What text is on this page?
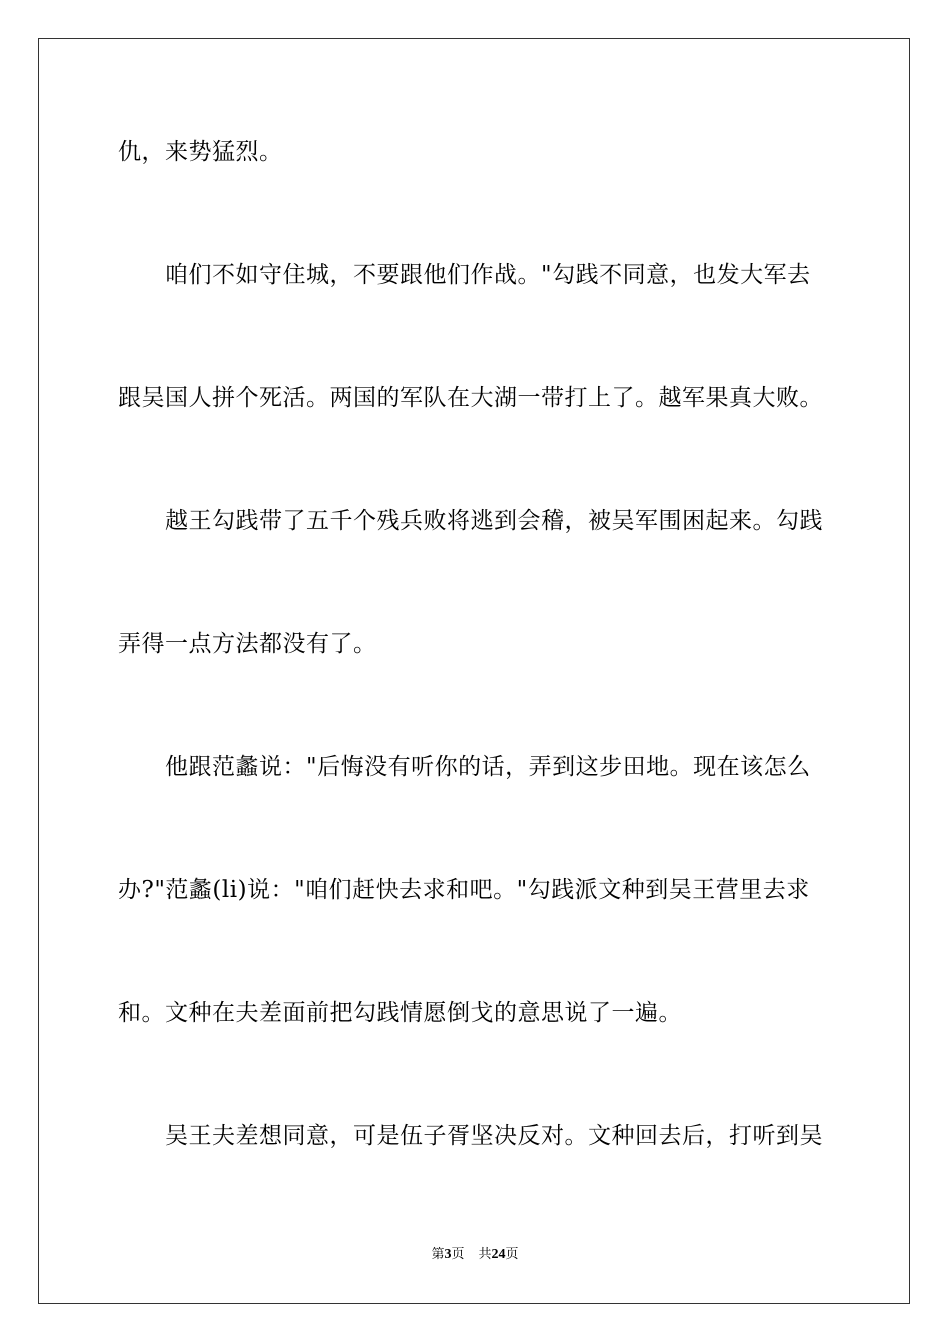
仇，来势猛烈。
咱们不如守住城，不要跟他们作战。"勾践不同意，也发大军去
跟吴国人拼个死活。两国的军队在大湖一带打上了。越军果真大败。
越王勾践带了五千个残兵败将逃到会稽，被吴军围困起来。勾践
弄得一点方法都没有了。
他跟范蠡说："后悔没有听你的话，弄到这步田地。现在该怎么
办?"范蠡(li)说："咱们赶快去求和吧。"勾践派文种到吴王营里去求
和。文种在夫差面前把勾践情愿倒戈的意思说了一遍。
吴王夫差想同意，可是伍子胥坚决反对。文种回去后，打听到吴
第3页 共24页
